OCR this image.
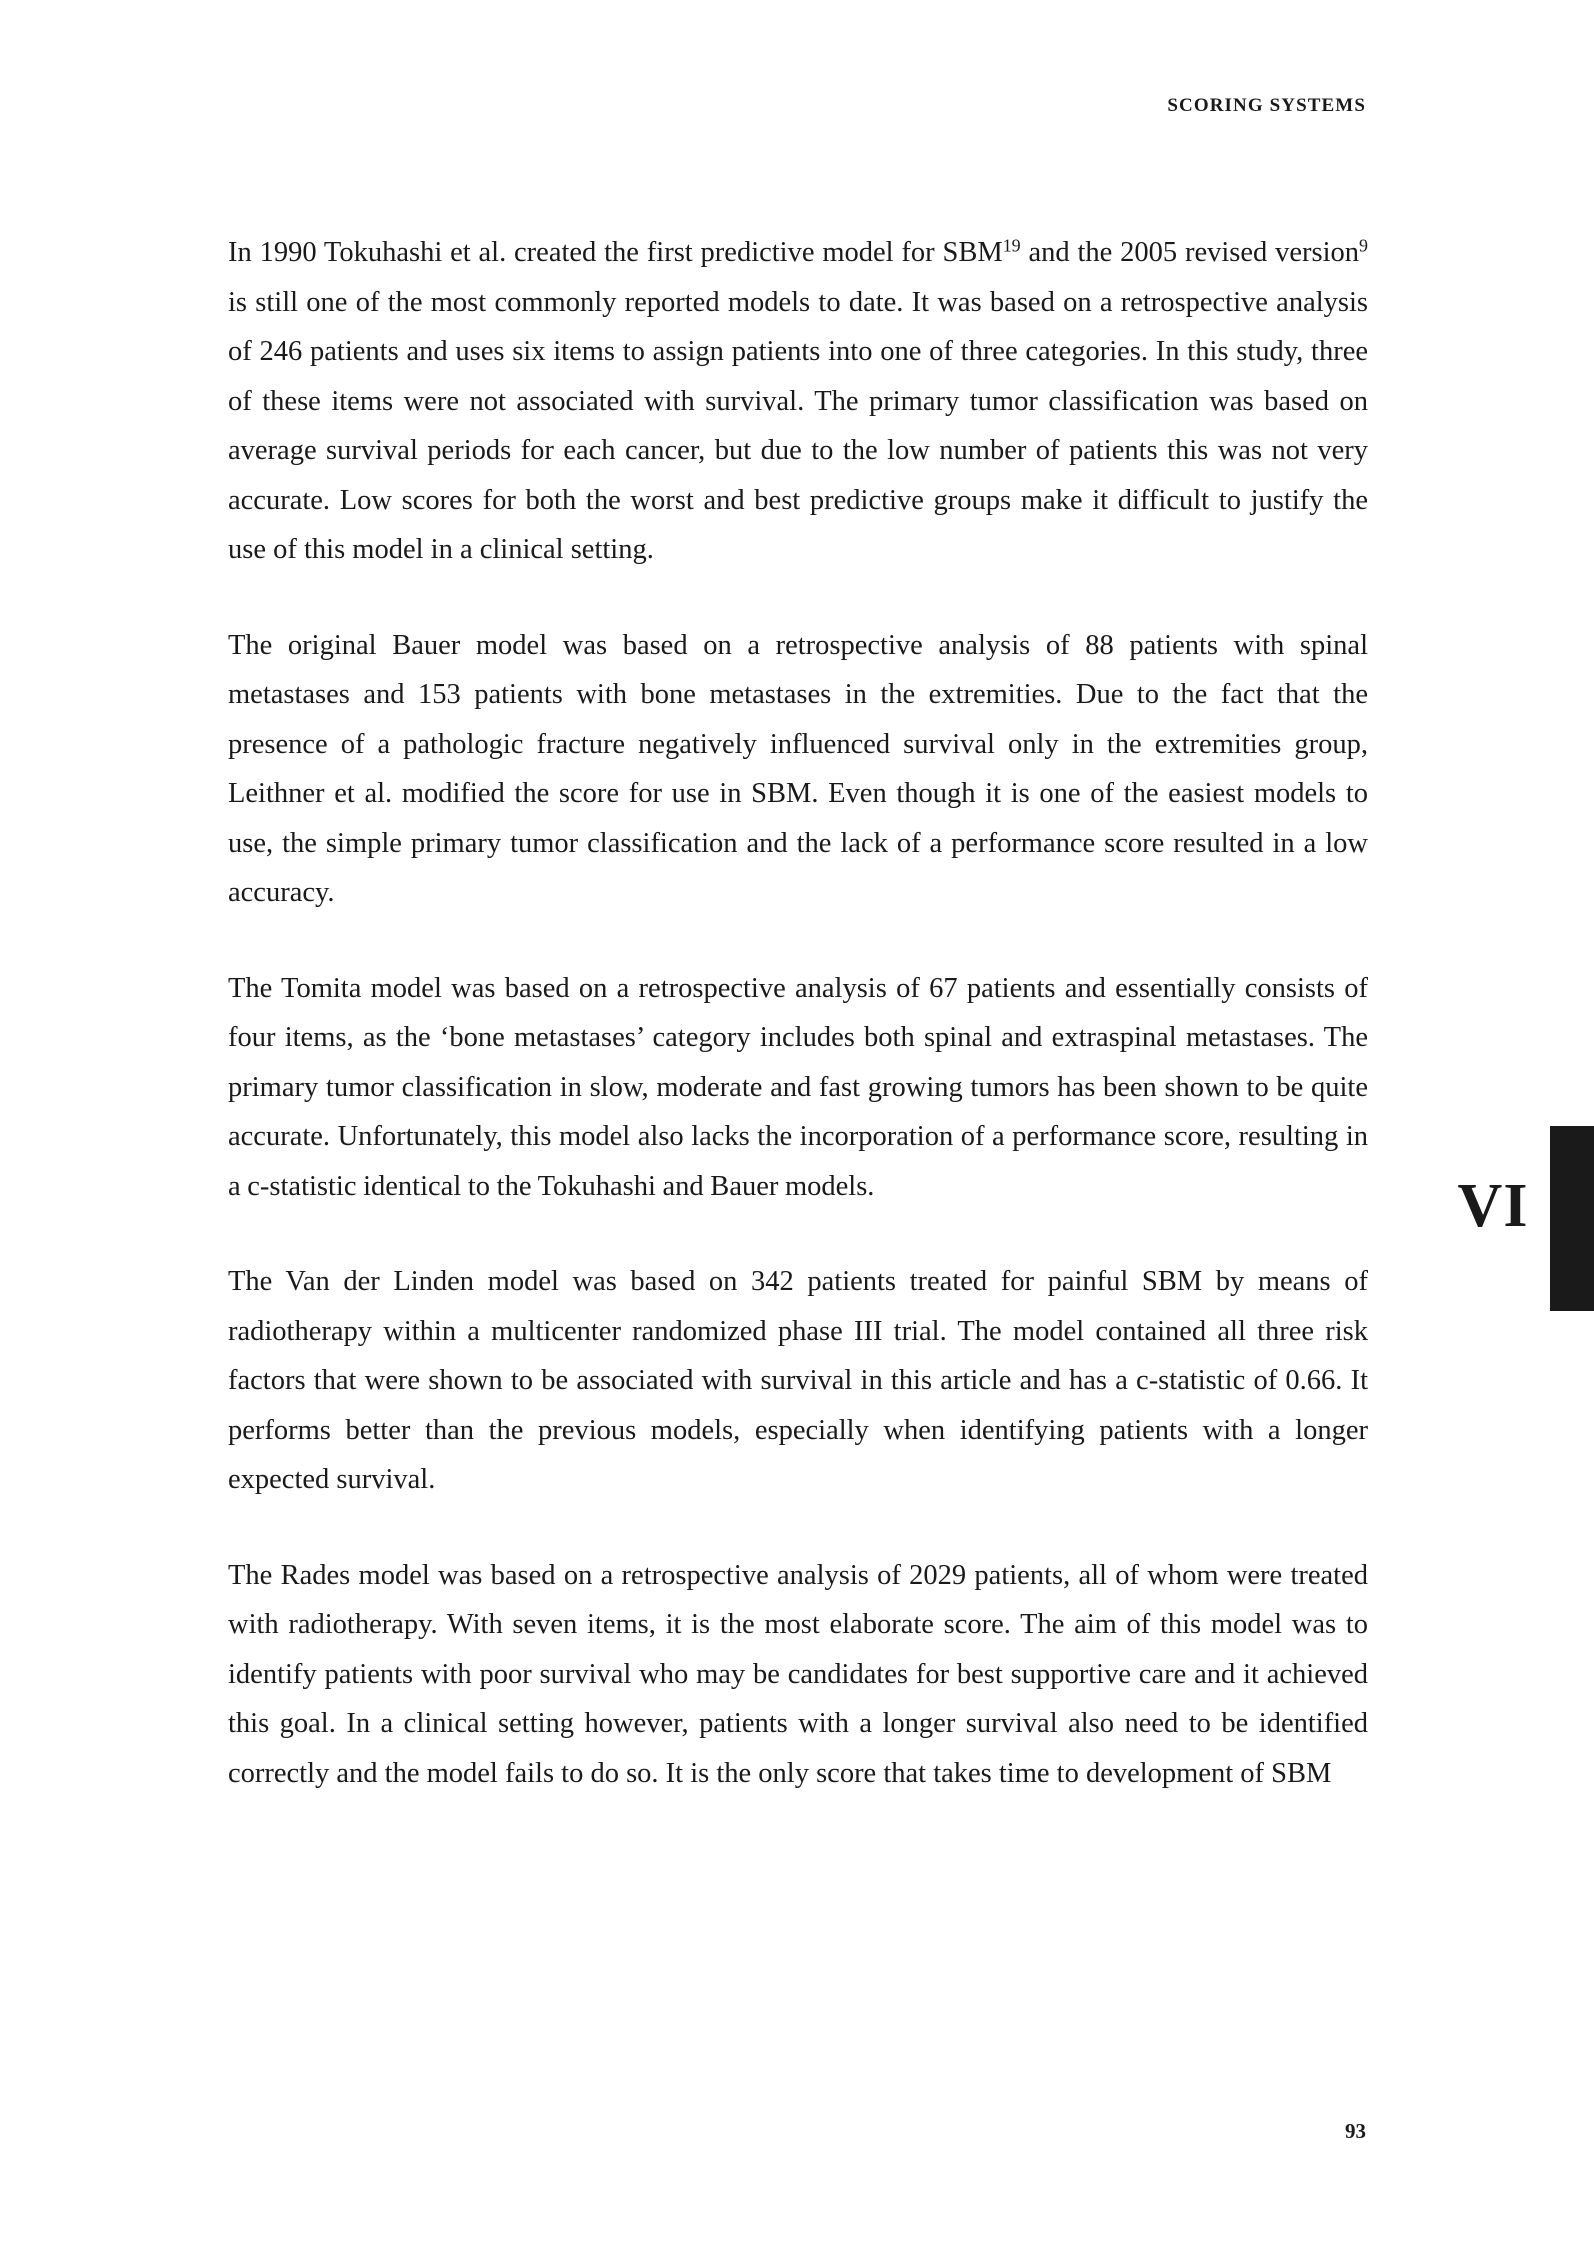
SCORING SYSTEMS

In 1990 Tokuhashi et al. created the first predictive model for SBM$^{19}$ and the 2005 revised version$^9$ is still one of the most commonly reported models to date. It was based on a retrospective analysis of 246 patients and uses six items to assign patients into one of three categories. In this study, three of these items were not associated with survival. The primary tumor classification was based on average survival periods for each cancer, but due to the low number of patients this was not very accurate. Low scores for both the worst and best predictive groups make it difficult to justify the use of this model in a clinical setting.

The original Bauer model was based on a retrospective analysis of 88 patients with spinal metastases and 153 patients with bone metastases in the extremities. Due to the fact that the presence of a pathologic fracture negatively influenced survival only in the extremities group, Leithner et al. modified the score for use in SBM. Even though it is one of the easiest models to use, the simple primary tumor classification and the lack of a performance score resulted in a low accuracy.

The Tomita model was based on a retrospective analysis of 67 patients and essentially consists of four items, as the ‘bone metastases’ category includes both spinal and extraspinal metastases. The primary tumor classification in slow, moderate and fast growing tumors has been shown to be quite accurate. Unfortunately, this model also lacks the incorporation of a performance score, resulting in a c-statistic identical to the Tokuhashi and Bauer models.

The Van der Linden model was based on 342 patients treated for painful SBM by means of radiotherapy within a multicenter randomized phase III trial. The model contained all three risk factors that were shown to be associated with survival in this article and has a c-statistic of 0.66. It performs better than the previous models, especially when identifying patients with a longer expected survival.

The Rades model was based on a retrospective analysis of 2029 patients, all of whom were treated with radiotherapy. With seven items, it is the most elaborate score. The aim of this model was to identify patients with poor survival who may be candidates for best supportive care and it achieved this goal. In a clinical setting however, patients with a longer survival also need to be identified correctly and the model fails to do so. It is the only score that takes time to development of SBM

VI
93
